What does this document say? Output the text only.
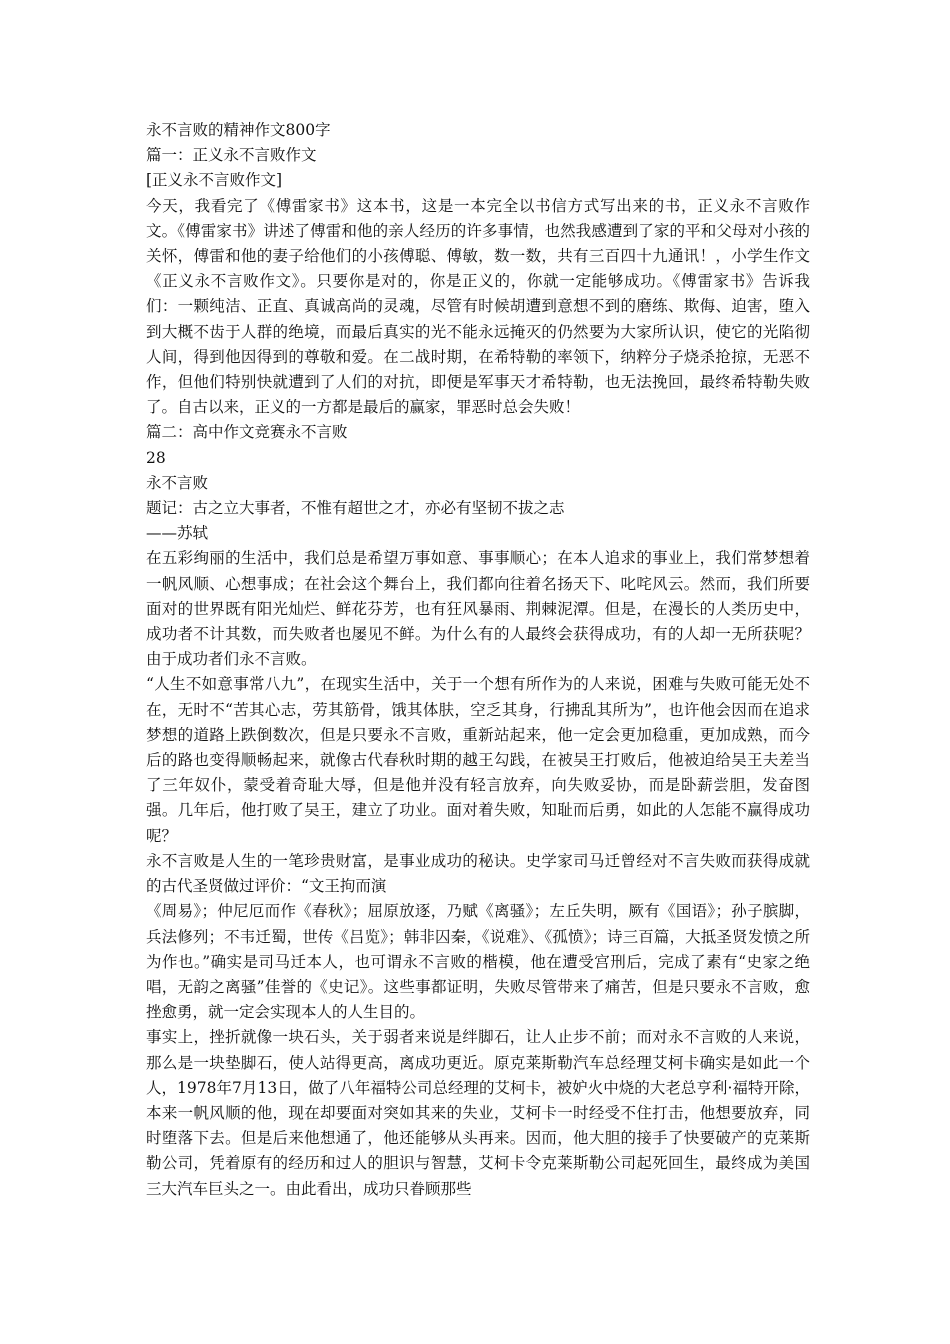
永不言败的精神作文800字
篇一：正义永不言败作文
[正义永不言败作文]
今天，我看完了《傅雷家书》这本书，这是一本完全以书信方式写出来的书，正义永不言败作文。《傅雷家书》讲述了傅雷和他的亲人经历的许多事情，也然我感遭到了家的平和父母对小孩的关怀，傅雷和他的妻子给他们的小孩傅聪、傅敏，数一数，共有三百四十九通讯！，小学生作文《正义永不言败作文》。只要你是对的，你是正义的，你就一定能够成功。《傅雷家书》告诉我们：一颗纯洁、正直、真诚高尚的灵魂，尽管有时候胡遭到意想不到的磨练、欺侮、迫害，堕入到大概不齿于人群的绝境，而最后真实的光不能永远掩灭的仍然要为大家所认识，使它的光陷彻人间，得到他因得到的尊敬和爱。在二战时期，在希特勒的率领下，纳粹分子烧杀抢掠，无恶不作，但他们特别快就遭到了人们的对抗，即便是军事天才希特勒，也无法挽回，最终希特勒失败了。自古以来，正义的一方都是最后的赢家，罪恶时总会失败！
篇二：高中作文竞赛永不言败
28
永不言败
题记：古之立大事者，不惟有超世之才，亦必有坚韧不拔之志
——苏轼
在五彩绚丽的生活中，我们总是希望万事如意、事事顺心；在本人追求的事业上，我们常梦想着一帆风顺、心想事成；在社会这个舞台上，我们都向往着名扬天下、叱咤风云。然而，我们所要面对的世界既有阳光灿烂、鲜花芬芳，也有狂风暴雨、荆棘泥潭。但是，在漫长的人类历史中，成功者不计其数，而失败者也屡见不鲜。为什么有的人最终会获得成功，有的人却一无所获呢？由于成功者们永不言败。
“人生不如意事常八九”，在现实生活中，关于一个想有所作为的人来说，困难与失败可能无处不在，无时不“苦其心志，劳其筋骨，饿其体肤，空乏其身，行拂乱其所为”，也许他会因而在追求梦想的道路上跌倒数次，但是只要永不言败，重新站起来，他一定会更加稳重，更加成熟，而今后的路也变得顺畅起来，就像古代春秋时期的越王勾践，在被吴王打败后，他被迫给吴王夫差当了三年奴仆，蒙受着奇耻大辱，但是他并没有轻言放弃，向失败妥协，而是卧薪尝胆，发奋图强。几年后，他打败了吴王，建立了功业。面对着失败，知耻而后勇，如此的人怎能不赢得成功呢？
永不言败是人生的一笔珍贵财富，是事业成功的秘诀。史学家司马迁曾经对不言失败而获得成就的古代圣贤做过评价：“文王拘而演
《周易》；仲尼厄而作《春秋》；屈原放逐，乃赋《离骚》；左丘失明，厥有《国语》；孙子膑脚，兵法修列；不韦迁蜀，世传《吕览》；韩非囚秦，《说难》、《孤愤》；诗三百篇，大抵圣贤发愤之所为作也。”确实是司马迁本人，也可谓永不言败的楷模，他在遭受宫刑后，完成了素有“史家之绝唱，无韵之离骚”佳誉的《史记》。这些事都证明，失败尽管带来了痛苦，但是只要永不言败，愈挫愈勇，就一定会实现本人的人生目的。
事实上，挫折就像一块石头，关于弱者来说是绊脚石，让人止步不前；而对永不言败的人来说，那么是一块垫脚石，使人站得更高，离成功更近。原克莱斯勒汽车总经理艾柯卡确实是如此一个人，1978年7月13日，做了八年福特公司总经理的艾柯卡，被妒火中烧的大老总亨利·福特开除，本来一帆风顺的他，现在却要面对突如其来的失业，艾柯卡一时经受不住打击，他想要放弃，同时堕落下去。但是后来他想通了，他还能够从头再来。因而，他大胆的接手了快要破产的克莱斯勒公司，凭着原有的经历和过人的胆识与智慧，艾柯卡令克莱斯勒公司起死回生，最终成为美国三大汽车巨头之一。由此看出，成功只眷顾那些
